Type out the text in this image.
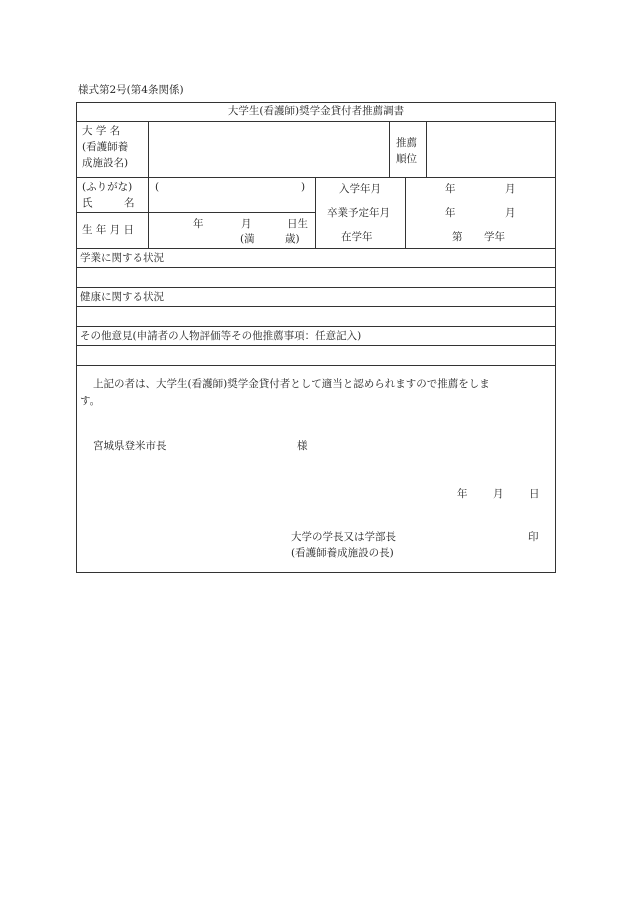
様式第2号(第4条関係)
大学生(看護師)奨学金貸付者推薦調書
大 学 名
(看護師養
成施設名)
推薦
順位
(ふりがな)
氏　　　名
(	)
生 年 月 日	年	月	日生
(満	歳)
入学年月	年	月
卒業予定年月	年	月
在学年	第 学年
学業に関する状況
健康に関する状況
その他意見(申請者の人物評価等その他推薦事項：任意記入)
上記の者は、大学生(看護師)奨学金貸付者として適当と認められますので推薦をしま
す。
宮城県登米市長	様
年 月 日
大学の学長又は学部長
(看護師養成施設の長)
印
